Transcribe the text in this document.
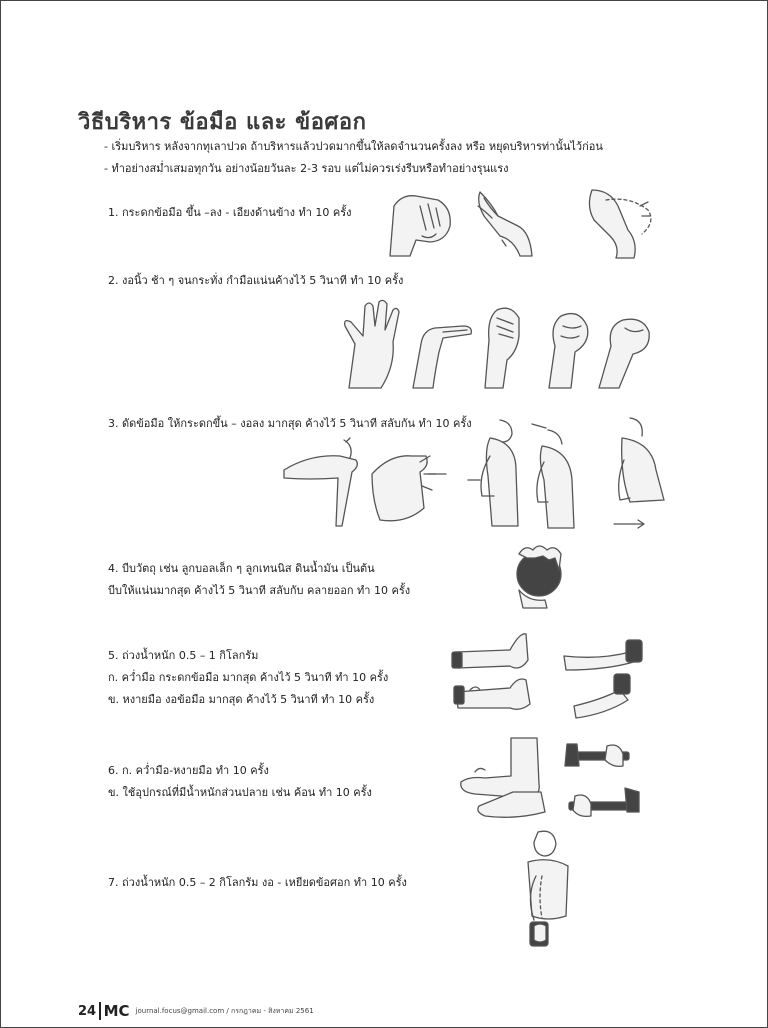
วิธีบริหาร ข้อมือ และ ข้อศอก
- เริ่มบริหาร หลังจากทุเลาปวด ถ้าบริหารแล้วปวดมากขึ้นให้ลดจำนวนครั้งลง หรือ หยุดบริหารท่านั้นไว้ก่อน
- ทำอย่างสม่ำเสมอทุกวัน อย่างน้อยวันละ 2-3 รอบ แต่ไม่ควรเร่งรีบหรือทำอย่างรุนแรง
1. กระดกข้อมือ ขึ้น –ลง - เอียงด้านข้าง ทำ 10 ครั้ง
2. งอนิ้ว ช้า ๆ จนกระทั่ง กำมือแน่นค้างไว้ 5 วินาที ทำ 10 ครั้ง
3. ดัดข้อมือ ให้กระดกขึ้น – งอลง มากสุด ค้างไว้ 5 วินาที สลับกัน ทำ 10 ครั้ง
4. บีบวัตถุ เช่น ลูกบอลเล็ก ๆ ลูกเทนนิส ดินน้ำมัน เป็นต้น
บีบให้แน่นมากสุด ค้างไว้ 5 วินาที สลับกับ คลายออก ทำ 10 ครั้ง
5. ถ่วงน้ำหนัก 0.5 – 1 กิโลกรัม
ก. คว่ำมือ กระดกข้อมือ มากสุด ค้างไว้ 5 วินาที ทำ 10 ครั้ง
ข. หงายมือ งอข้อมือ มากสุด ค้างไว้ 5 วินาที ทำ 10 ครั้ง
6. ก. คว่ำมือ-หงายมือ ทำ 10 ครั้ง
ข. ใช้อุปกรณ์ที่มีน้ำหนักส่วนปลาย เช่น ค้อน ทำ 10 ครั้ง
7. ถ่วงน้ำหนัก 0.5 – 2 กิโลกรัม งอ - เหยียดข้อศอก ทำ 10 ครั้ง
24 MC journal.focus@gmail.com / กรกฎาคม - สิงหาคม 2561
